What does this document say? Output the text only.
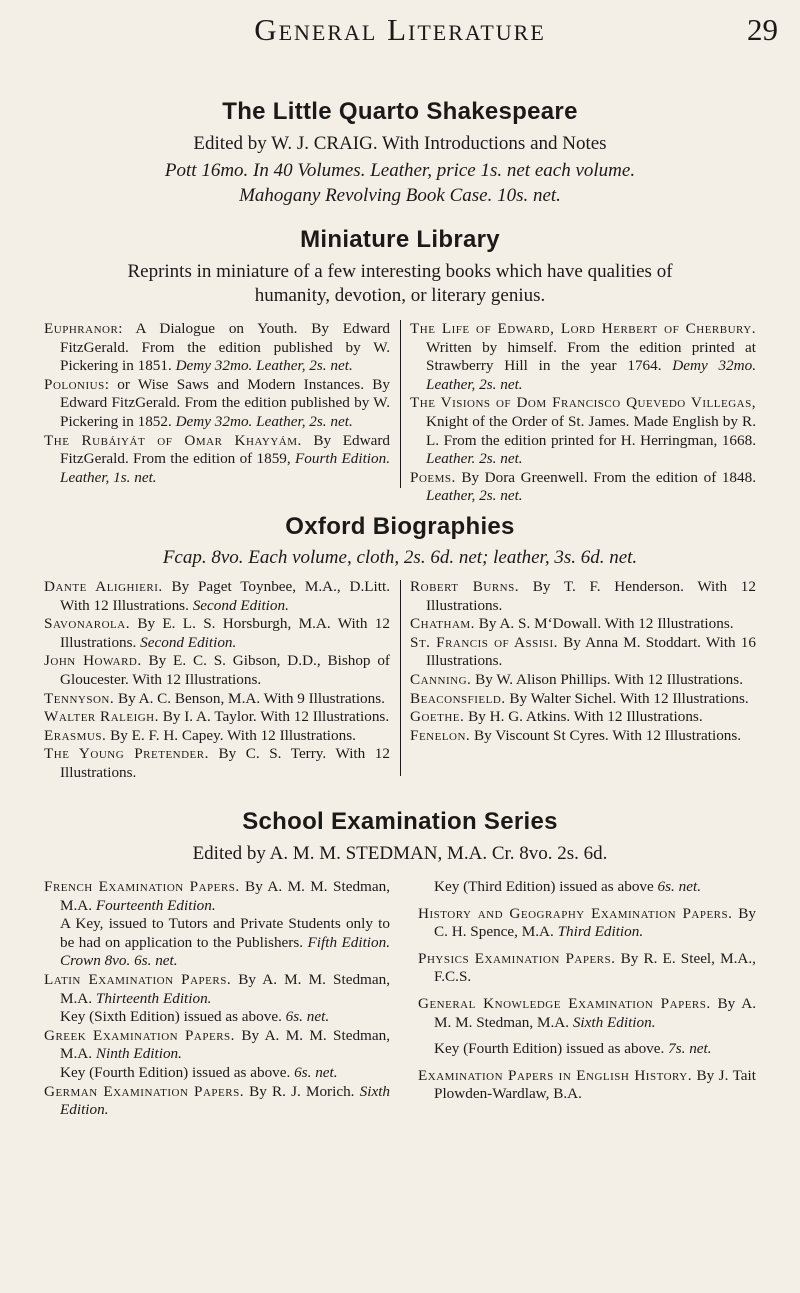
General Literature	29
The Little Quarto Shakespeare
Edited by W. J. CRAIG. With Introductions and Notes
Pott 16mo. In 40 Volumes. Leather, price 1s. net each volume.
Mahogany Revolving Book Case. 10s. net.
Miniature Library
Reprints in miniature of a few interesting books which have qualities of
humanity, devotion, or literary genius.

Euphranor: A Dialogue on Youth. By Edward FitzGerald. From the edition published by W. Pickering in 1851. Demy 32mo. Leather, 2s. net.

Polonius: or Wise Saws and Modern Instances. By Edward FitzGerald. From the edition published by W. Pickering in 1852. Demy 32mo. Leather, 2s. net.

The Rubáiyát of Omar Khayyám. By Edward FitzGerald. From the edition of 1859, Fourth Edition. Leather, 1s. net.

The Life of Edward, Lord Herbert of Cherbury. Written by himself. From the edition printed at Strawberry Hill in the year 1764. Demy 32mo. Leather, 2s. net.

The Visions of Dom Francisco Quevedo Villegas, Knight of the Order of St. James. Made English by R. L. From the edition printed for H. Herringman, 1668. Leather. 2s. net.

Poems. By Dora Greenwell. From the edition of 1848. Leather, 2s. net.

Oxford Biographies
Fcap. 8vo. Each volume, cloth, 2s. 6d. net; leather, 3s. 6d. net.

Dante Alighieri. By Paget Toynbee, M.A., D.Litt. With 12 Illustrations. Second Edition.

Savonarola. By E. L. S. Horsburgh, M.A. With 12 Illustrations. Second Edition.

John Howard. By E. C. S. Gibson, D.D., Bishop of Gloucester. With 12 Illustrations.

Tennyson. By A. C. Benson, M.A. With 9 Illustrations.

Walter Raleigh. By I. A. Taylor. With 12 Illustrations.

Erasmus. By E. F. H. Capey. With 12 Illustrations.

The Young Pretender. By C. S. Terry. With 12 Illustrations.

Robert Burns. By T. F. Henderson. With 12 Illustrations.

Chatham. By A. S. M‘Dowall. With 12 Illustrations.

St. Francis of Assisi. By Anna M. Stoddart. With 16 Illustrations.

Canning. By W. Alison Phillips. With 12 Illustrations.

Beaconsfield. By Walter Sichel. With 12 Illustrations.

Goethe. By H. G. Atkins. With 12 Illustrations.

Fenelon. By Viscount St Cyres. With 12 Illustrations.

School Examination Series
Edited by A. M. M. STEDMAN, M.A. Cr. 8vo. 2s. 6d.

French Examination Papers. By A. M. M. Stedman, M.A. Fourteenth Edition.

A Key, issued to Tutors and Private Students only to be had on application to the Publishers. Fifth Edition. Crown 8vo. 6s. net.

Latin Examination Papers. By A. M. M. Stedman, M.A. Thirteenth Edition.

Key (Sixth Edition) issued as above. 6s. net.

Greek Examination Papers. By A. M. M. Stedman, M.A. Ninth Edition.

Key (Fourth Edition) issued as above. 6s. net.

German Examination Papers. By R. J. Morich. Sixth Edition.

Key (Third Edition) issued as above 6s. net.

History and Geography Examination Papers. By C. H. Spence, M.A. Third Edition.

Physics Examination Papers. By R. E. Steel, M.A., F.C.S.

General Knowledge Examination Papers. By A. M. M. Stedman, M.A. Sixth Edition.

Key (Fourth Edition) issued as above. 7s. net.

Examination Papers in English History. By J. Tait Plowden-Wardlaw, B.A.
